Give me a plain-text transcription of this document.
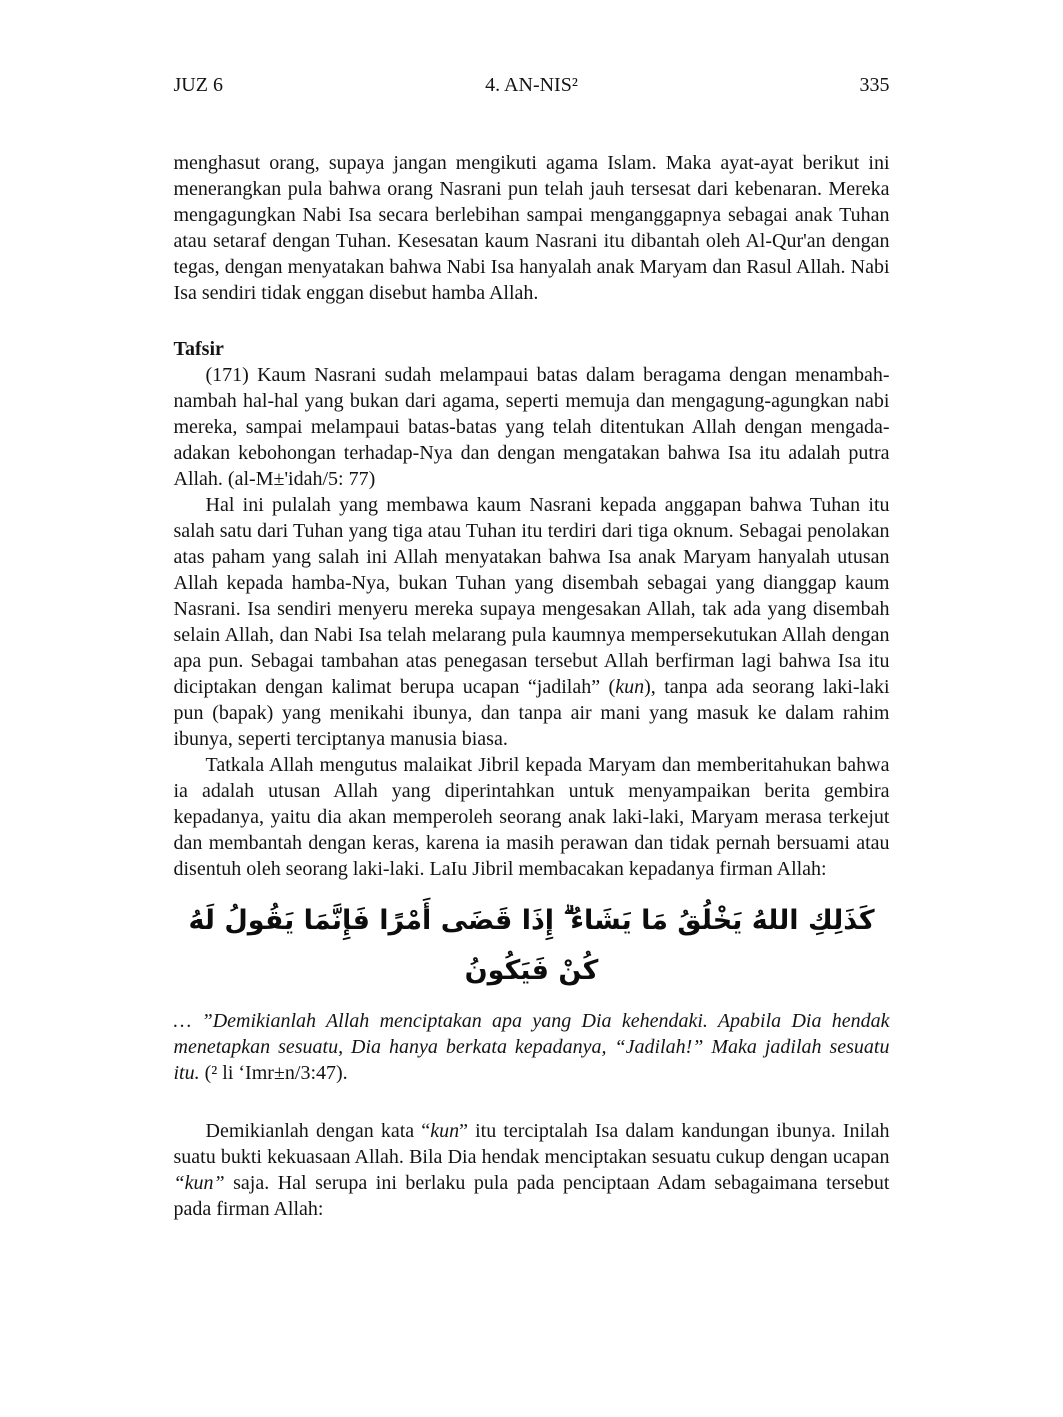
JUZ 6	4. AN-NIS²	335

menghasut orang, supaya jangan mengikuti agama Islam. Maka ayat-ayat berikut ini menerangkan pula bahwa orang Nasrani pun telah jauh tersesat dari kebenaran. Mereka mengagungkan Nabi Isa secara berlebihan sampai menganggapnya sebagai anak Tuhan atau setaraf dengan Tuhan. Kesesatan kaum Nasrani itu dibantah oleh Al-Qur'an dengan tegas, dengan menyatakan bahwa Nabi Isa hanyalah anak Maryam dan Rasul Allah. Nabi Isa sendiri tidak enggan disebut hamba Allah.

Tafsir

(171) Kaum Nasrani sudah melampaui batas dalam beragama dengan menambah-nambah hal-hal yang bukan dari agama, seperti memuja dan mengagung-agungkan nabi mereka, sampai melampaui batas-batas yang telah ditentukan Allah dengan mengada-adakan kebohongan terhadap-Nya dan dengan mengatakan bahwa Isa itu adalah putra Allah. (al-M±'idah/5: 77)

Hal ini pulalah yang membawa kaum Nasrani kepada anggapan bahwa Tuhan itu salah satu dari Tuhan yang tiga atau Tuhan itu terdiri dari tiga oknum. Sebagai penolakan atas paham yang salah ini Allah menyatakan bahwa Isa anak Maryam hanyalah utusan Allah kepada hamba-Nya, bukan Tuhan yang disembah sebagai yang dianggap kaum Nasrani. Isa sendiri menyeru mereka supaya mengesakan Allah, tak ada yang disembah selain Allah, dan Nabi Isa telah melarang pula kaumnya mempersekutukan Allah dengan apa pun. Sebagai tambahan atas penegasan tersebut Allah berfirman lagi bahwa Isa itu diciptakan dengan kalimat berupa ucapan “jadilah” (kun), tanpa ada seorang laki-laki pun (bapak) yang menikahi ibunya, dan tanpa air mani yang masuk ke dalam rahim ibunya, seperti terciptanya manusia biasa.

Tatkala Allah mengutus malaikat Jibril kepada Maryam dan memberitahukan bahwa ia adalah utusan Allah yang diperintahkan untuk menyampaikan berita gembira kepadanya, yaitu dia akan memperoleh seorang anak laki-laki, Maryam merasa terkejut dan membantah dengan keras, karena ia masih perawan dan tidak pernah bersuami atau disentuh oleh seorang laki-laki. LaIu Jibril membacakan kepadanya firman Allah:

كَذَلِكِ اللهُ يَخْلُقُ مَا يَشَاءُ ۗ إِذَا قَضَى أَمْرًا فَإِنَّمَا يَقُولُ لَهُ كُنْ فَيَكُونُ

… ”Demikianlah Allah menciptakan apa yang Dia kehendaki. Apabila Dia hendak menetapkan sesuatu, Dia hanya berkata kepadanya, “Jadilah!” Maka jadilah sesuatu itu. (² li ‘Imr±n/3:47).

Demikianlah dengan kata “kun” itu terciptalah Isa dalam kandungan ibunya. Inilah suatu bukti kekuasaan Allah. Bila Dia hendak menciptakan sesuatu cukup dengan ucapan “kun” saja. Hal serupa ini berlaku pula pada penciptaan Adam sebagaimana tersebut pada firman Allah:
